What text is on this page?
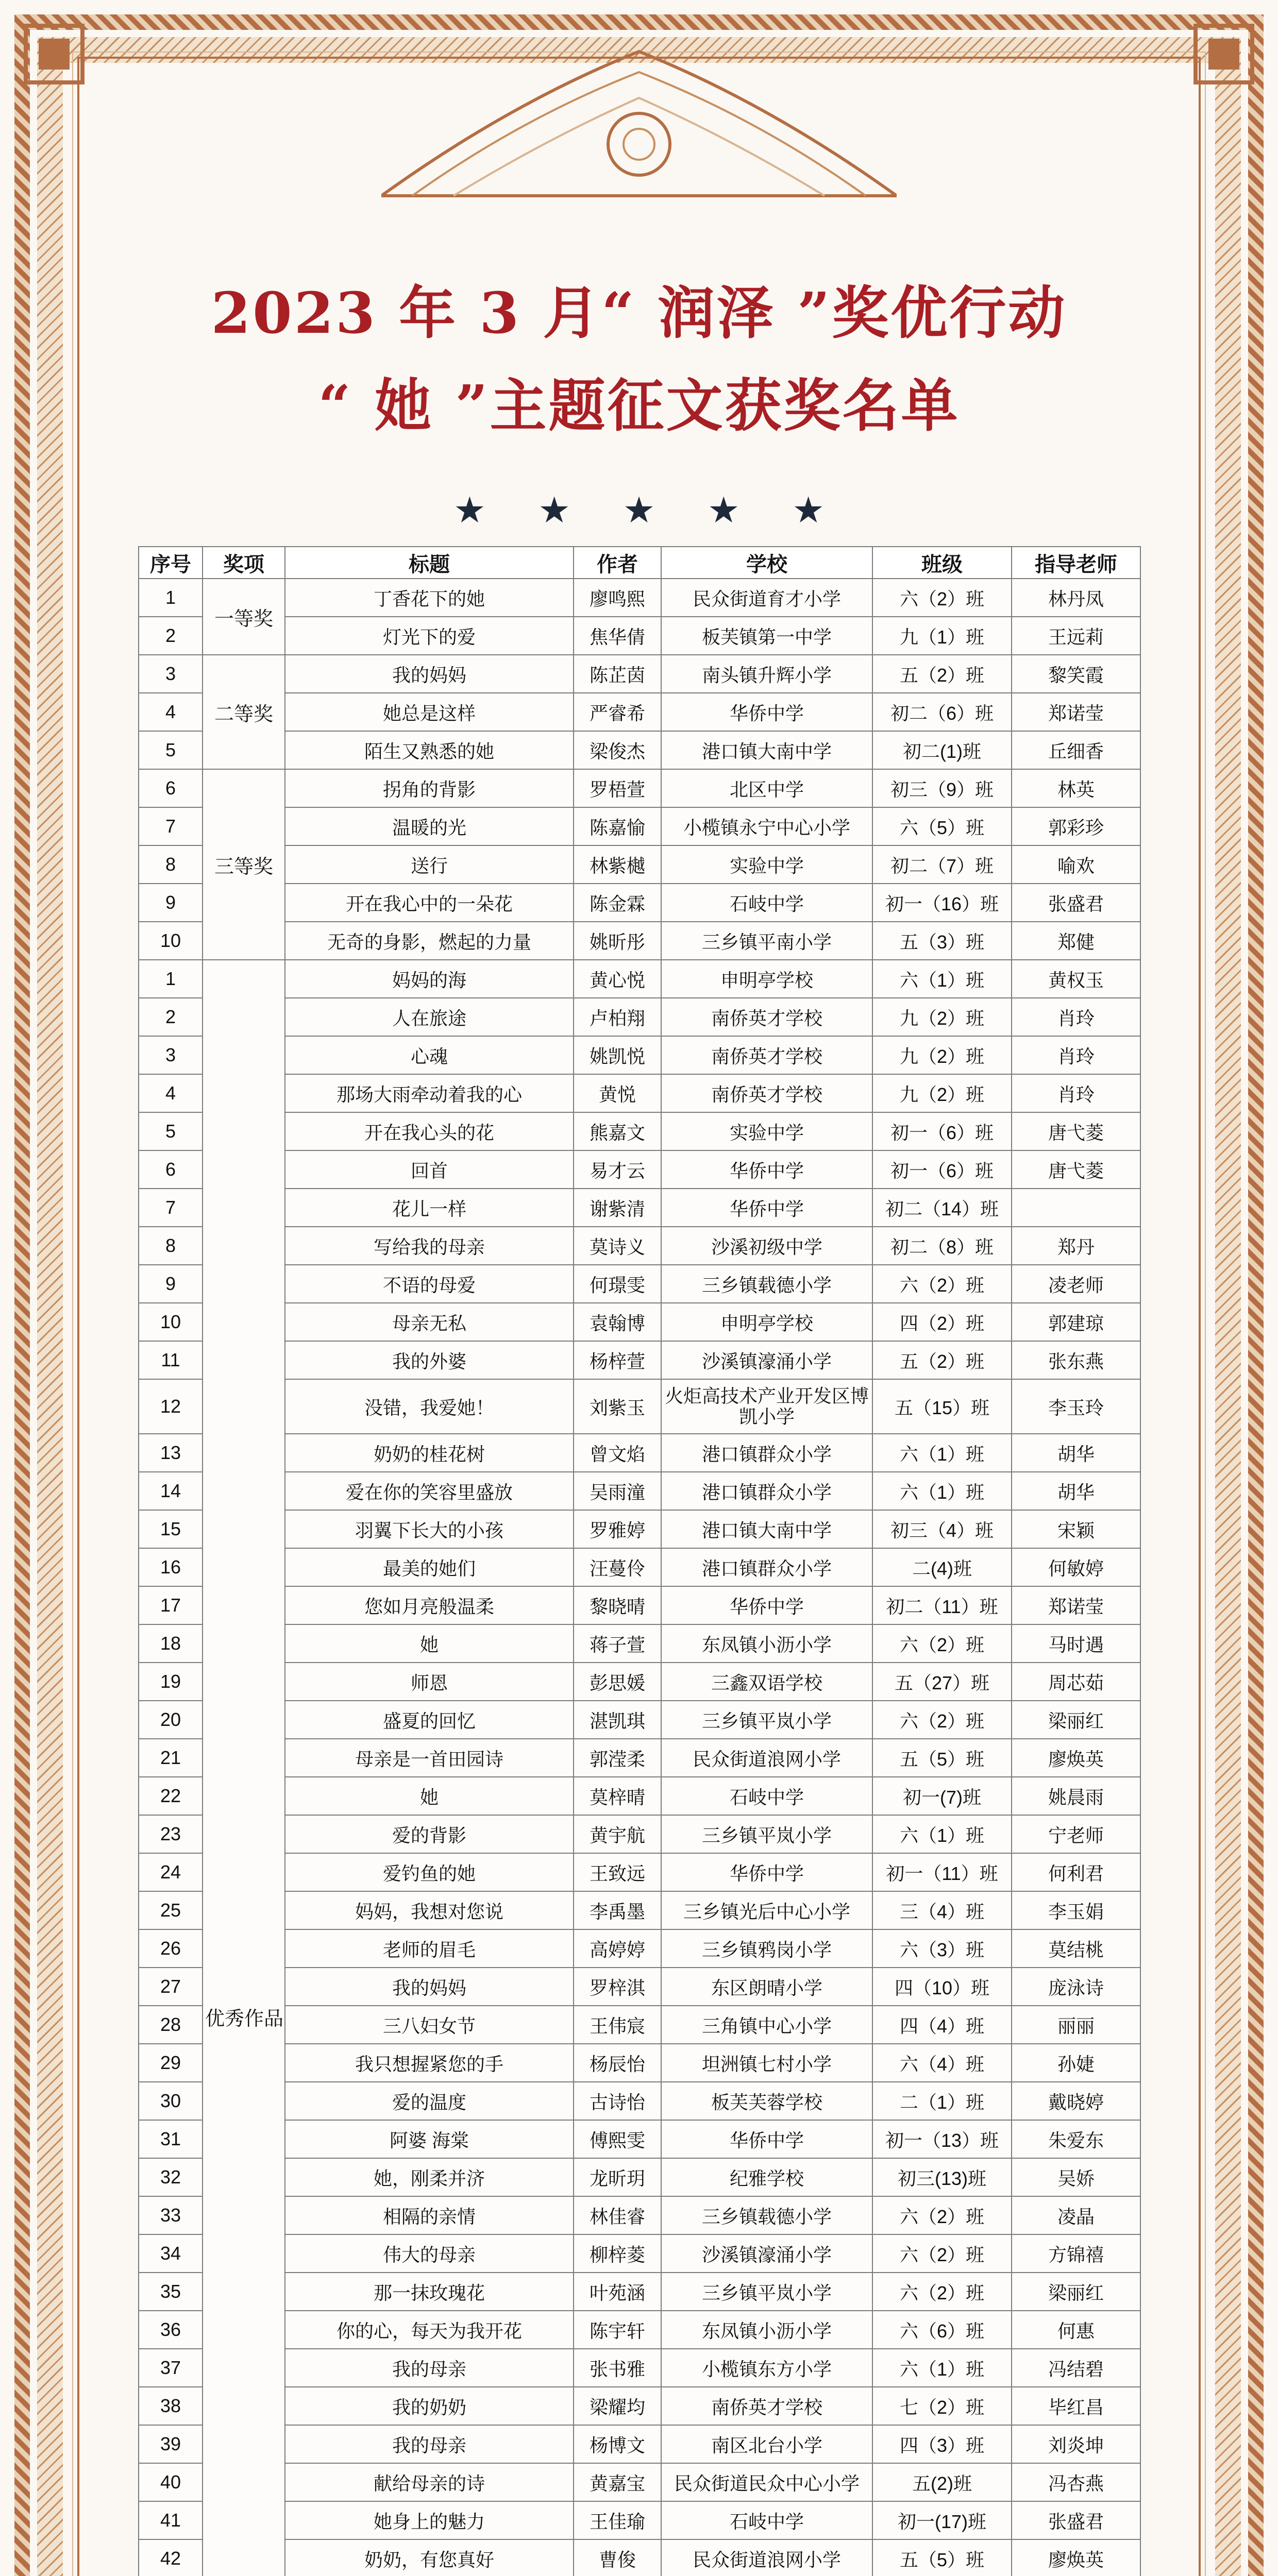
2023 年 3 月“ 润泽 ”奖优行动
“ 她 ”主题征文获奖名单
★ ★ ★ ★ ★
序号	奖项	标题	作者	学校	班级	指导老师
1	一等奖	丁香花下的她	廖鸣熙	民众街道育才小学	六（2）班	林丹凤
2		灯光下的爱	焦华倩	板芙镇第一中学	九（1）班	王远莉
3	二等奖	我的妈妈	陈芷茵	南头镇升辉小学	五（2）班	黎笑霞
4		她总是这样	严睿希	华侨中学	初二（6）班	郑诺莹
5		陌生又熟悉的她	梁俊杰	港口镇大南中学	初二(1)班	丘细香
6	三等奖	拐角的背影	罗梧萱	北区中学	初三（9）班	林英
7		温暖的光	陈嘉愉	小榄镇永宁中心小学	六（5）班	郭彩珍
8		送行	林紫樾	实验中学	初二（7）班	喻欢
9		开在我心中的一朵花	陈金霖	石岐中学	初一（16）班	张盛君
10		无奇的身影，燃起的力量	姚昕彤	三乡镇平南小学	五（3）班	郑健
1	优秀作品	妈妈的海	黄心悦	申明亭学校	六（1）班	黄权玉
2		人在旅途	卢柏翔	南侨英才学校	九（2）班	肖玲
3		心魂	姚凯悦	南侨英才学校	九（2）班	肖玲
4		那场大雨牵动着我的心	黄悦	南侨英才学校	九（2）班	肖玲
5		开在我心头的花	熊嘉文	实验中学	初一（6）班	唐弋菱
6		回首	易才云	华侨中学	初一（6）班	唐弋菱
7		花儿一样	谢紫清	华侨中学	初二（14）班	
8		写给我的母亲	莫诗义	沙溪初级中学	初二（8）班	郑丹
9		不语的母爱	何璟雯	三乡镇载德小学	六（2）班	凌老师
10		母亲无私	袁翰博	申明亭学校	四（2）班	郭建琼
11		我的外婆	杨梓萱	沙溪镇濠涌小学	五（2）班	张东燕
12		没错，我爱她！	刘紫玉	火炬高技术产业开发区博凯小学	五（15）班	李玉玲
13		奶奶的桂花树	曾文焰	港口镇群众小学	六（1）班	胡华
14		爱在你的笑容里盛放	吴雨潼	港口镇群众小学	六（1）班	胡华
15		羽翼下长大的小孩	罗雅婷	港口镇大南中学	初三（4）班	宋颖
16		最美的她们	汪蔓伶	港口镇群众小学	二(4)班	何敏婷
17		您如月亮般温柔	黎晓晴	华侨中学	初二（11）班	郑诺莹
18		她	蒋子萱	东凤镇小沥小学	六（2）班	马时遇
19		师恩	彭思媛	三鑫双语学校	五（27）班	周芯茹
20		盛夏的回忆	湛凯琪	三乡镇平岚小学	六（2）班	梁丽红
21		母亲是一首田园诗	郭滢柔	民众街道浪网小学	五（5）班	廖焕英
22		她	莫梓晴	石岐中学	初一(7)班	姚晨雨
23		爱的背影	黄宇航	三乡镇平岚小学	六（1）班	宁老师
24		爱钓鱼的她	王致远	华侨中学	初一（11）班	何利君
25		妈妈，我想对您说	李禹墨	三乡镇光后中心小学	三（4）班	李玉娟
26		老师的眉毛	高婷婷	三乡镇鸦岗小学	六（3）班	莫结桃
27		我的妈妈	罗梓淇	东区朗晴小学	四（10）班	庞泳诗
28		三八妇女节	王伟宸	三角镇中心小学	四（4）班	丽丽
29		我只想握紧您的手	杨辰怡	坦洲镇七村小学	六（4）班	孙婕
30		爱的温度	古诗怡	板芙芙蓉学校	二（1）班	戴晓婷
31		阿婆 海棠	傅熙雯	华侨中学	初一（13）班	朱爱东
32		她，刚柔并济	龙昕玥	纪雅学校	初三(13)班	吴娇
33		相隔的亲情	林佳睿	三乡镇载德小学	六（2）班	凌晶
34		伟大的母亲	柳梓菱	沙溪镇濠涌小学	六（2）班	方锦禧
35		那一抹玫瑰花	叶苑涵	三乡镇平岚小学	六（2）班	梁丽红
36		你的心，每天为我开花	陈宇轩	东凤镇小沥小学	六（6）班	何惠
37		我的母亲	张书雅	小榄镇东方小学	六（1）班	冯结碧
38		我的奶奶	梁耀均	南侨英才学校	七（2）班	毕红昌
39		我的母亲	杨博文	南区北台小学	四（3）班	刘炎坤
40		献给母亲的诗	黄嘉宝	民众街道民众中心小学	五(2)班	冯杏燕
41		她身上的魅力	王佳瑜	石岐中学	初一(17)班	张盛君
42		奶奶，有您真好	曹俊	民众街道浪网小学	五（5）班	廖焕英
